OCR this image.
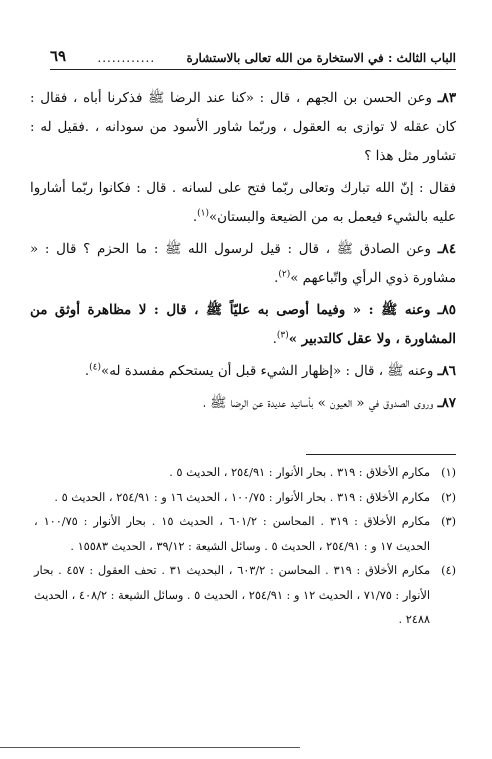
الباب الثالث : في الاستخارة من الله تعالى بالاستشارة
............
٦٩

٨٣ـ وعن الحسن بن الجهم ، قال : «كنا عند الرضا ﷺ فذكرنا أباه ، فقال : كان عقله لا توازى به العقول ، وربّما شاور الأسود من سودانه ، .فقيل له : تشاور مثل هذا ؟

فقال : إنّ الله تبارك وتعالى ربّما فتح على لسانه . قال : فكانوا ربّما أشاروا عليه بالشيء فيعمل به من الضيعة والبستان»$^{(١)}$.

٨٤ـ وعن الصادق ﷺ ، قال : قيل لرسول الله ﷺ : ما الحزم ؟ قال : « مشاورة ذوي الرأي واتّباعهم »$^{(٢)}$.

٨٥ـ وعنه ﷺ : « وفيما أوصى به عليّاً ﷺ ، قال : لا مظاهرة أوثق من المشاورة ، ولا عقل كالتدبير »$^{(٣)}$.

٨٦ـ وعنه ﷺ ، قال : «إظهار الشيء قبل أن يستحكم مفسدة له»$^{(٤)}$.

٨٧ـ وروى الصدوق في « العيون » بأسانيد عديدة عن الرضا ﷺ ،

(١)
مكارم الأخلاق : ٣١٩ . بحار الأنوار : ٢٥٤/٩١ ، الحديث ٥ .
(٢)
مكارم الأخلاق : ٣١٩ . بحار الأنوار : ١٠٠/٧٥ ، الحديث ١٦ و : ٢٥٤/٩١ ، الحديث ٥ .
(٣)
مكارم الأخلاق : ٣١٩ . المحاسن : ٦٠١/٢ ، الحديث ١٥ . بحار الأنوار : ١٠٠/٧٥ ، الحديث ١٧ و : ٢٥٤/٩١ ، الحديث ٥ . وسائل الشيعة : ٣٩/١٢ ، الحديث ١٥٥٨٣ .
(٤)
مكارم الأخلاق : ٣١٩ . المحاسن : ٦٠٣/٢ ، البحديث ٣١ . تحف العقول : ٤٥٧ . بحار الأنوار : ٧١/٧٥ ، الحديث ١٢ و : ٢٥٤/٩١ ، الحديث ٥ . وسائل الشيعة : ٤٠٨/٢ ، الحديث ٢٤٨٨ .
